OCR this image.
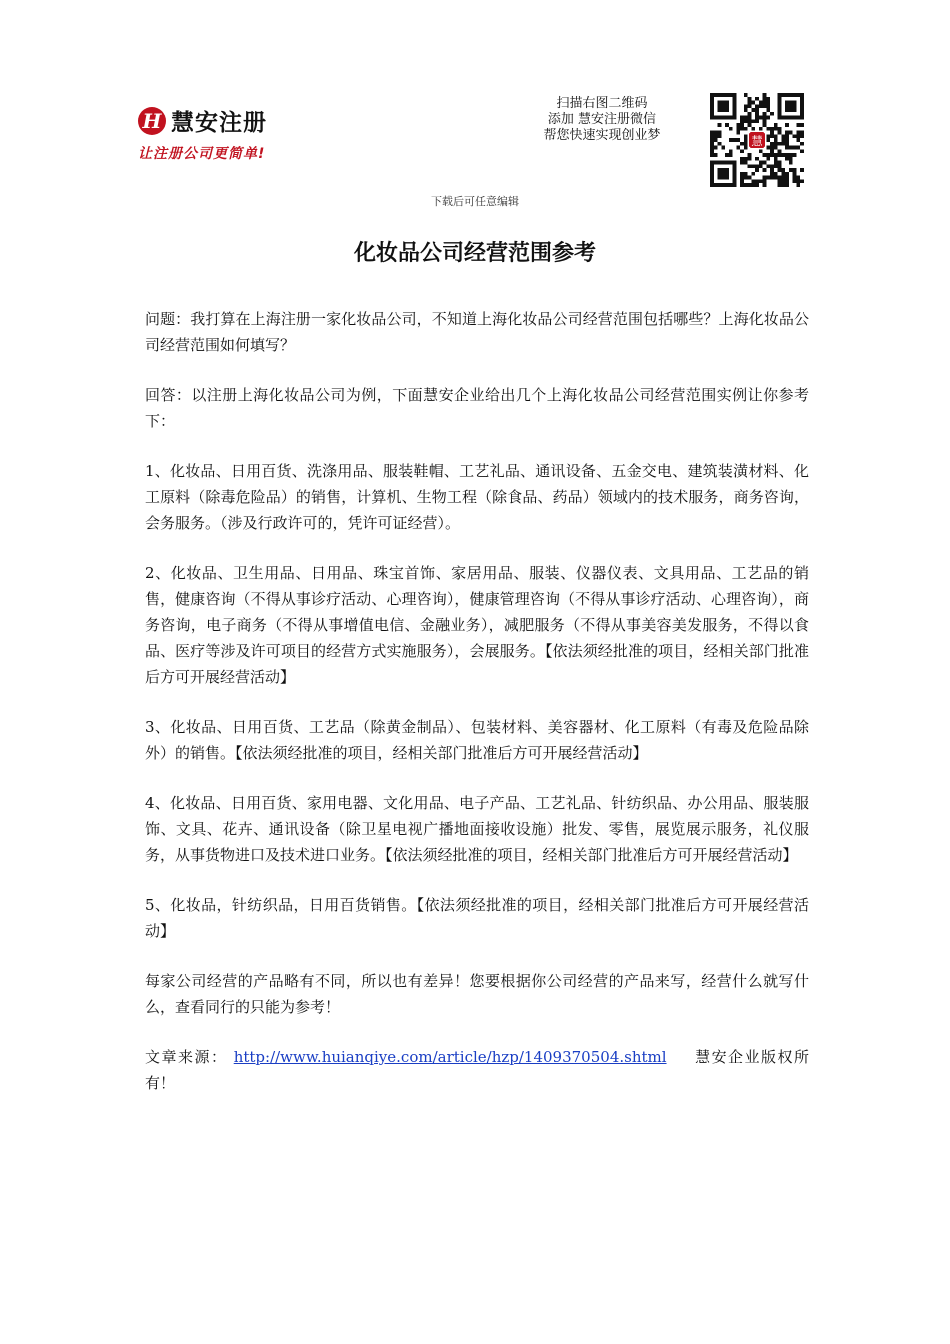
H 慧安注册
让注册公司更简单!
扫描右图二维码
添加 慧安注册微信
帮您快速实现创业梦	慧
下载后可任意编辑
化妆品公司经营范围参考

问题：我打算在上海注册一家化妆品公司，不知道上海化妆品公司经营范围包括哪些？上海化妆品公司经营范围如何填写？

回答：以注册上海化妆品公司为例，下面慧安企业给出几个上海化妆品公司经营范围实例让你参考下：

1、化妆品、日用百货、洗涤用品、服装鞋帽、工艺礼品、通讯设备、五金交电、建筑装潢材料、化工原料（除毒危险品）的销售，计算机、生物工程（除食品、药品）领域内的技术服务，商务咨询，会务服务。（涉及行政许可的，凭许可证经营）。

2、化妆品、卫生用品、日用品、珠宝首饰、家居用品、服装、仪器仪表、文具用品、工艺品的销售，健康咨询（不得从事诊疗活动、心理咨询），健康管理咨询（不得从事诊疗活动、心理咨询），商务咨询，电子商务（不得从事增值电信、金融业务），减肥服务（不得从事美容美发服务，不得以食品、医疗等涉及许可项目的经营方式实施服务），会展服务。【依法须经批准的项目，经相关部门批准后方可开展经营活动】

3、化妆品、日用百货、工艺品（除黄金制品）、包装材料、美容器材、化工原料（有毒及危险品除外）的销售。【依法须经批准的项目，经相关部门批准后方可开展经营活动】

4、化妆品、日用百货、家用电器、文化用品、电子产品、工艺礼品、针纺织品、办公用品、服装服饰、文具、花卉、通讯设备（除卫星电视广播地面接收设施）批发、零售，展览展示服务，礼仪服务，从事货物进口及技术进口业务。【依法须经批准的项目，经相关部门批准后方可开展经营活动】

5、化妆品，针纺织品，日用百货销售。【依法须经批准的项目，经相关部门批准后方可开展经营活动】

每家公司经营的产品略有不同，所以也有差异！您要根据你公司经营的产品来写，经营什么就写什么，查看同行的只能为参考！

文章来源： http://www.huianqiye.com/article/hzp/1409370504.shtml 慧安企业版权所有！
